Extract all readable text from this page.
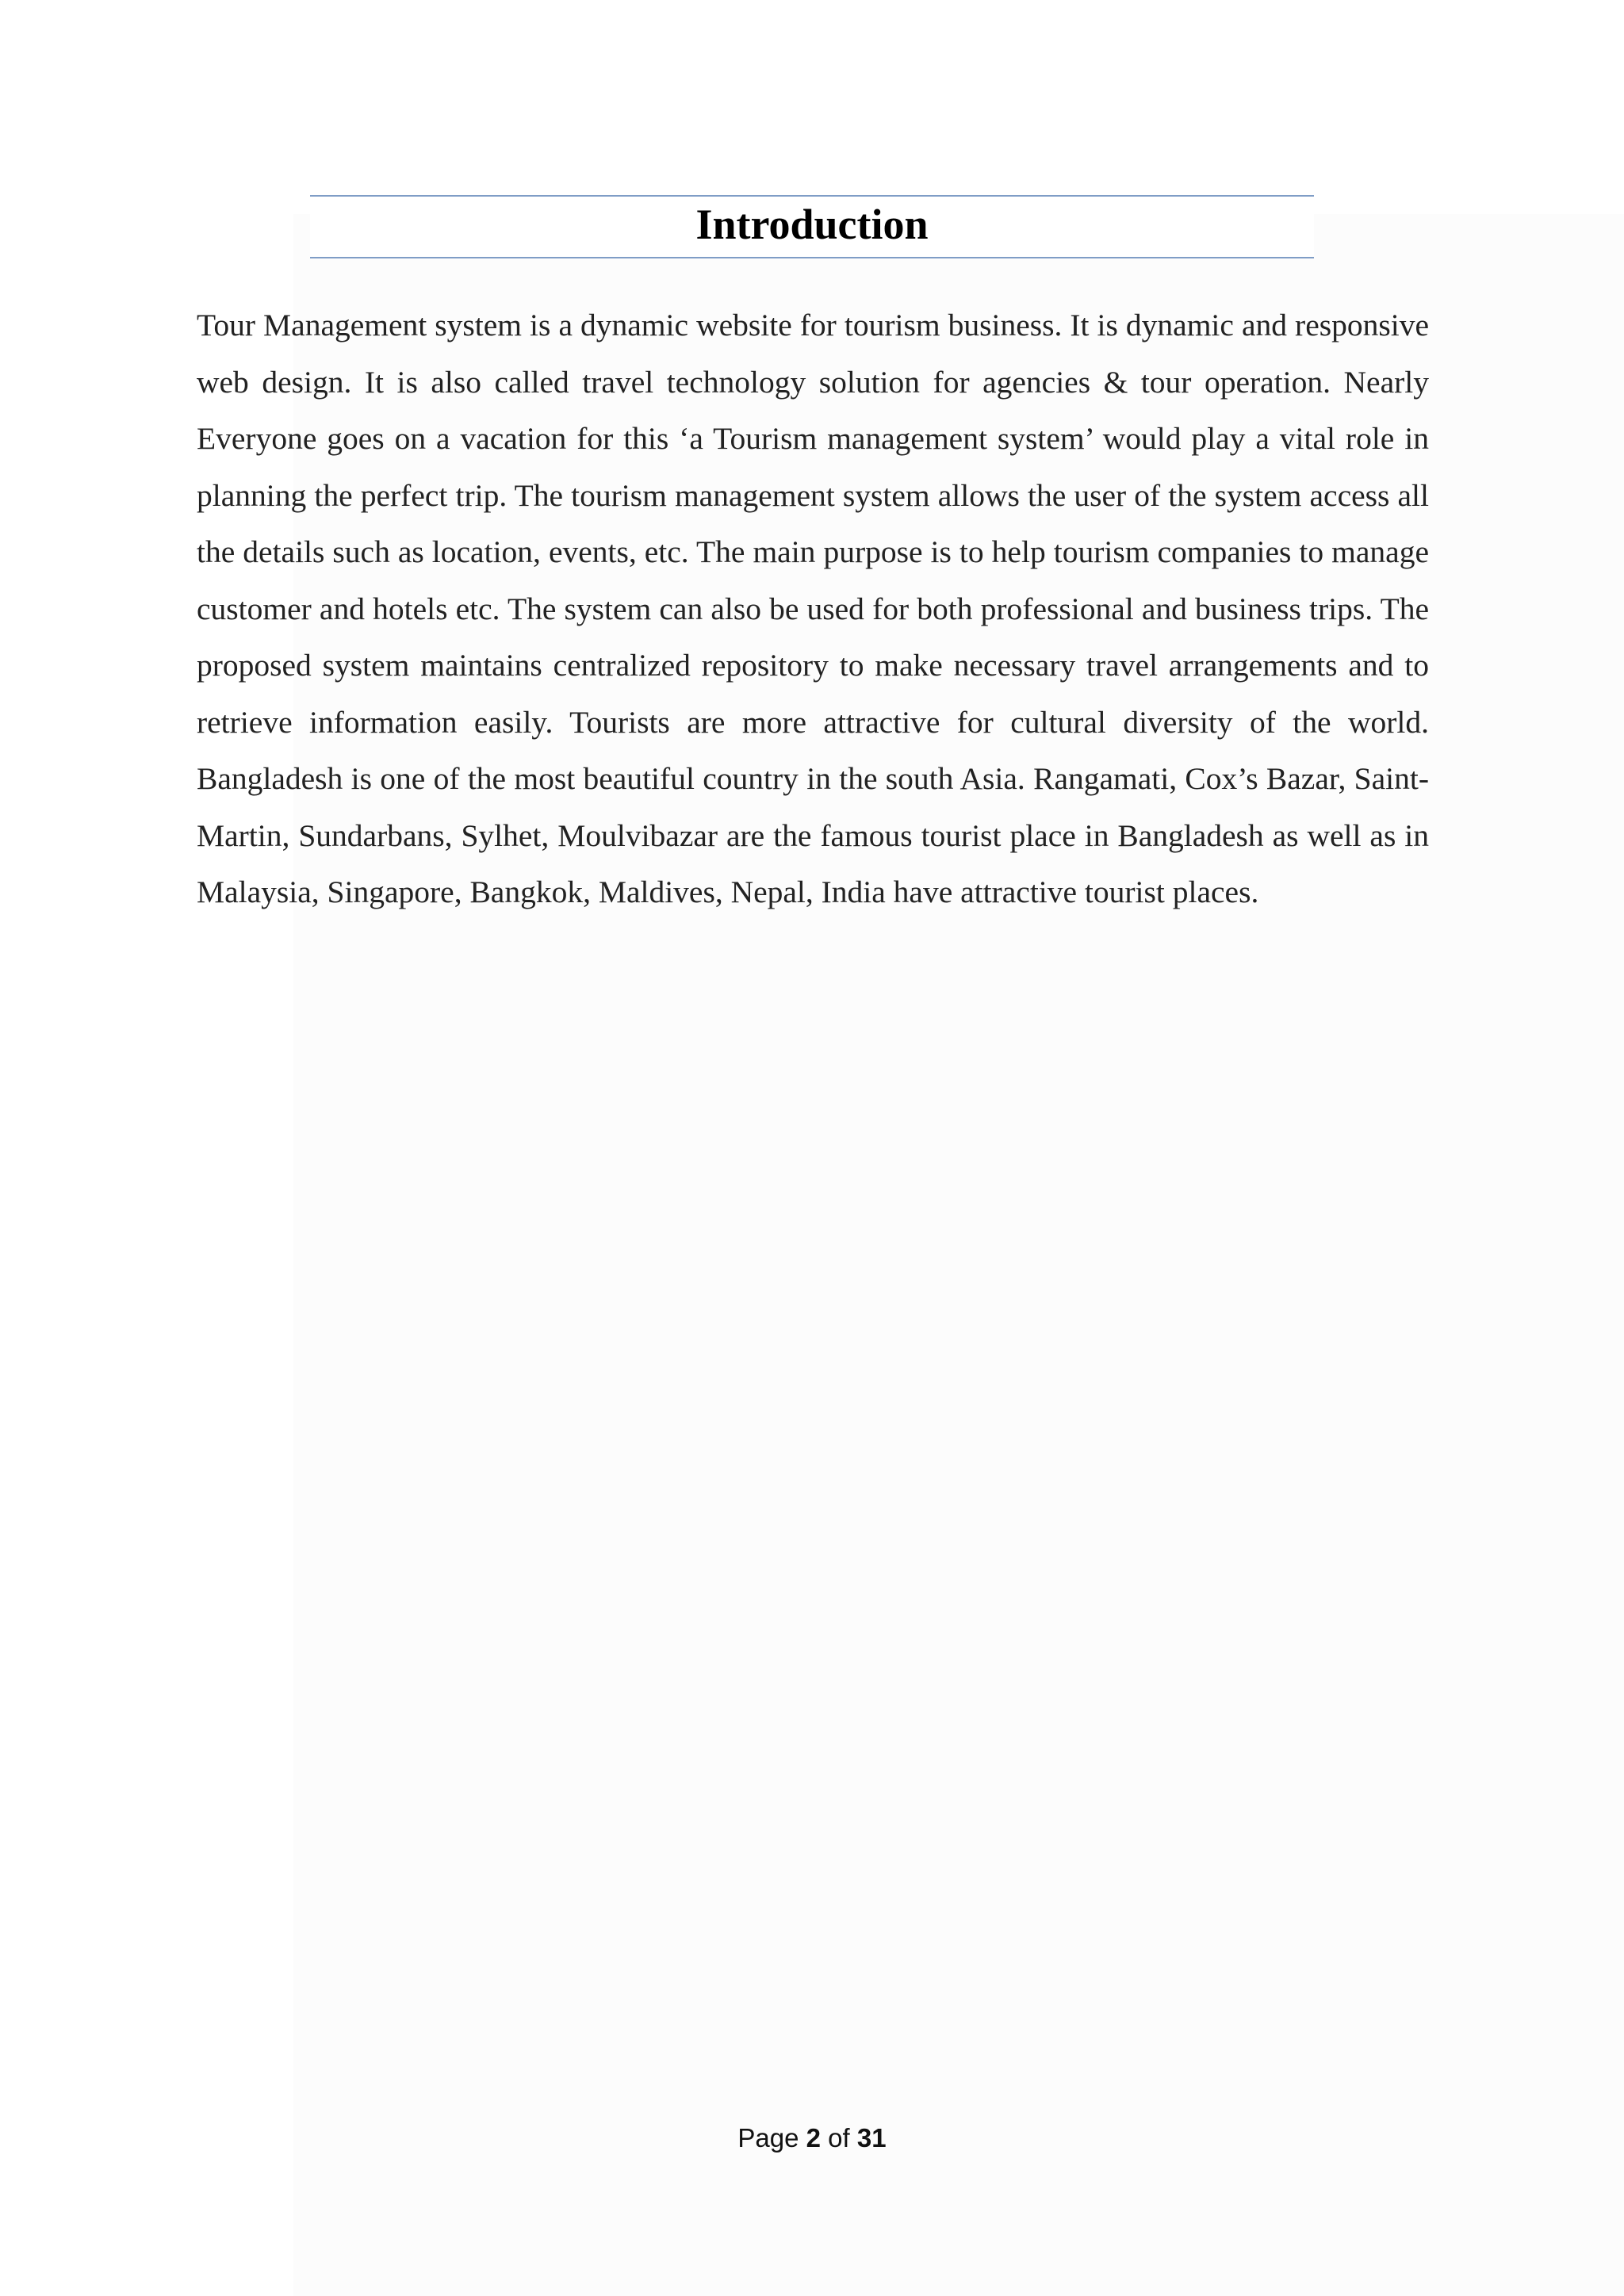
Introduction

Tour Management system is a dynamic website for tourism business. It is dynamic and responsive web design. It is also called travel technology solution for agencies & tour operation. Nearly Everyone goes on a vacation for this ‘a Tourism management system’ would play a vital role in planning the perfect trip. The tourism management system allows the user of the system access all the details such as location, events, etc. The main purpose is to help tourism companies to manage customer and hotels etc. The system can also be used for both professional and business trips. The proposed system maintains centralized repository to make necessary travel arrangements and to retrieve information easily. Tourists are more attractive for cultural diversity of the world. Bangladesh is one of the most beautiful country in the south Asia. Rangamati, Cox’s Bazar, Saint-Martin, Sundarbans, Sylhet, Moulvibazar are the famous tourist place in Bangladesh as well as in Malaysia, Singapore, Bangkok, Maldives, Nepal, India have attractive tourist places.

Page 2 of 31
